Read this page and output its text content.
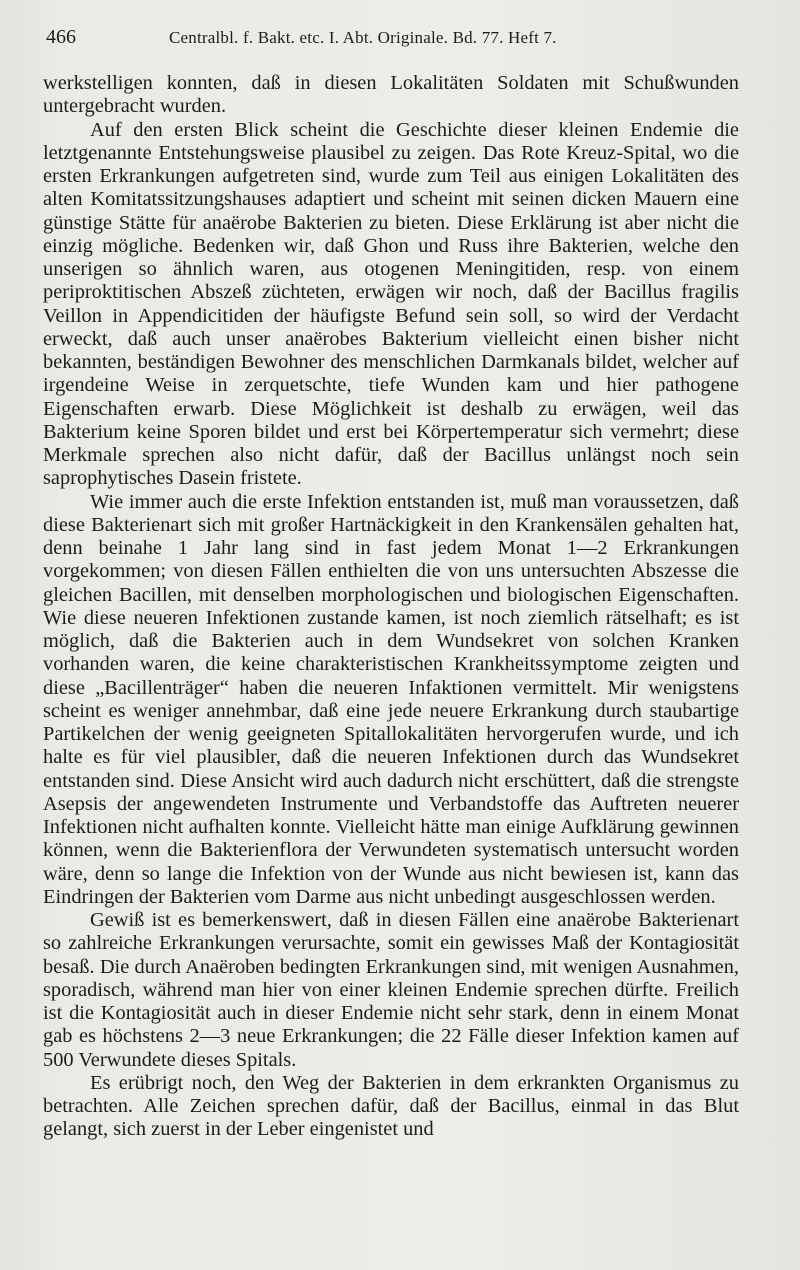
466	Centralbl. f. Bakt. etc. I. Abt. Originale. Bd. 77. Heft 7.

werkstelligen konnten, daß in diesen Lokalitäten Soldaten mit Schußwunden untergebracht wurden.

Auf den ersten Blick scheint die Geschichte dieser kleinen Endemie die letztgenannte Entstehungsweise plausibel zu zeigen. Das Rote Kreuz-Spital, wo die ersten Erkrankungen aufgetreten sind, wurde zum Teil aus einigen Lokalitäten des alten Komitatssitzungshauses adaptiert und scheint mit seinen dicken Mauern eine günstige Stätte für anaërobe Bakterien zu bieten. Diese Erklärung ist aber nicht die einzig mögliche. Bedenken wir, daß Ghon und Russ ihre Bakterien, welche den unserigen so ähnlich waren, aus otogenen Meningitiden, resp. von einem periproktitischen Abszeß züchteten, erwägen wir noch, daß der Bacillus fragilis Veillon in Appendicitiden der häufigste Befund sein soll, so wird der Verdacht erweckt, daß auch unser anaërobes Bakterium vielleicht einen bisher nicht bekannten, beständigen Bewohner des menschlichen Darmkanals bildet, welcher auf irgendeine Weise in zerquetschte, tiefe Wunden kam und hier pathogene Eigenschaften erwarb. Diese Möglichkeit ist deshalb zu erwägen, weil das Bakterium keine Sporen bildet und erst bei Körpertemperatur sich vermehrt; diese Merkmale sprechen also nicht dafür, daß der Bacillus unlängst noch sein saprophytisches Dasein fristete.

Wie immer auch die erste Infektion entstanden ist, muß man voraussetzen, daß diese Bakterienart sich mit großer Hartnäckigkeit in den Krankensälen gehalten hat, denn beinahe 1 Jahr lang sind in fast jedem Monat 1—2 Erkrankungen vorgekommen; von diesen Fällen enthielten die von uns untersuchten Abszesse die gleichen Bacillen, mit denselben morphologischen und biologischen Eigenschaften. Wie diese neueren Infektionen zustande kamen, ist noch ziemlich rätselhaft; es ist möglich, daß die Bakterien auch in dem Wundsekret von solchen Kranken vorhanden waren, die keine charakteristischen Krankheitssymptome zeigten und diese „Bacillenträger“ haben die neueren Infaktionen vermittelt. Mir wenigstens scheint es weniger annehmbar, daß eine jede neuere Erkrankung durch staubartige Partikelchen der wenig geeigneten Spitallokalitäten hervorgerufen wurde, und ich halte es für viel plausibler, daß die neueren Infektionen durch das Wundsekret entstanden sind. Diese Ansicht wird auch dadurch nicht erschüttert, daß die strengste Asepsis der angewendeten Instrumente und Verbandstoffe das Auftreten neuerer Infektionen nicht aufhalten konnte. Vielleicht hätte man einige Aufklärung gewinnen können, wenn die Bakterienflora der Verwundeten systematisch untersucht worden wäre, denn so lange die Infektion von der Wunde aus nicht bewiesen ist, kann das Eindringen der Bakterien vom Darme aus nicht unbedingt ausgeschlossen werden.

Gewiß ist es bemerkenswert, daß in diesen Fällen eine anaërobe Bakterienart so zahlreiche Erkrankungen verursachte, somit ein gewisses Maß der Kontagiosität besaß. Die durch Anaëroben bedingten Erkrankungen sind, mit wenigen Ausnahmen, sporadisch, während man hier von einer kleinen Endemie sprechen dürfte. Freilich ist die Kontagiosität auch in dieser Endemie nicht sehr stark, denn in einem Monat gab es höchstens 2—3 neue Erkrankungen; die 22 Fälle dieser Infektion kamen auf 500 Verwundete dieses Spitals.

Es erübrigt noch, den Weg der Bakterien in dem erkrankten Organismus zu betrachten. Alle Zeichen sprechen dafür, daß der Bacillus, einmal in das Blut gelangt, sich zuerst in der Leber eingenistet und
